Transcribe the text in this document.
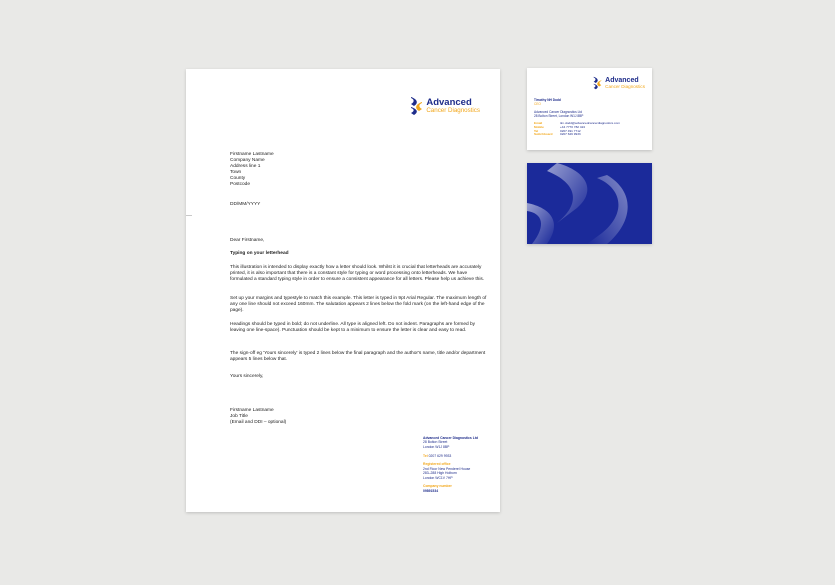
Advanced
Cancer Diagnostics
Firstname Lastname
Company Name
Address line 1
Town
County
Postcode
DD/MM/YYYY
Dear Firstname,
Typing on your letterhead

This illustration is intended to display exactly how a letter should look. Whilst it is crucial that letterheads are accurately printed, it is also important that there is a constant style for typing or word processing onto letterheads. We have formulated a standard typing style in order to ensure a consistent appearance for all letters. Please help us achieve this.

Set up your margins and typestyle to match this example. This letter is typed in 9pt Arial Regular. The maximum length of any one line should not exceed 160mm. The salutation appears 2 lines below the fold mark (on the left-hand edge of the page).

Headings should be typed in bold; do not underline. All type is aligned left. Do not indent. Paragraphs are formed by leaving one line-space). Punctuation should be kept to a minimum to ensure the letter is clear and easy to read.

The sign-off eg 'Yours sincerely' is typed 2 lines below the final paragraph and the author's name, title and/or department appears 5 lines below that.

Yours sincerely,
Firstname Lastname
Job Title
(Email and DDI – optional)
Advanced Cancer Diagnostics Ltd
28 Bolton Street
London W1J 8BP
Tel 0207 629 9933
Registered office
2nd Floor New Penderel House
283–288 High Holborn
London WC1V 7HP
Company number
09891534
Advanced
Cancer Diagnostics
Timothy NH Dodd
CEO
Advanced Cancer Diagnostics Ltd
28 Bolton Street, London W1J 8BP
Email	tim.dodd@advancedcancerdiagnostics.com
Mobile	+44 7770 782 424
Tel	0207 491 7712
Switchboard	0207 629 9933
